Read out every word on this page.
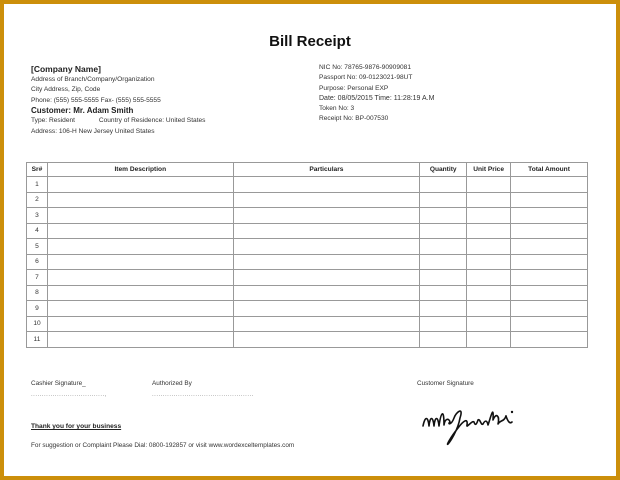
Bill Receipt
[Company Name]
Address of Branch/Company/Organization
City Address, Zip, Code
Phone: (555) 555-5555 Fax- (555) 555-5555
Customer: Mr. Adam Smith
Type: Resident	Country of Residence: United States
Address: 106-H New Jersey United States
NIC No: 78765-9876-90909081
Passport No: 09-0123021-98UT
Purpose: Personal EXP
Date: 08/05/2015 Time: 11:28:19 A.M
Token No: 3
Receipt No: BP-007530
Sr#	Item Description	Particulars	Quantity	Unit Price	Total Amount
1					
2					
3					
4					
5					
6					
7					
8					
9					
10					
11					
Cashier Signature_
..................................,
Authorized By
...............................................
Customer Signature
Thank you for your business
For suggestion or Complaint Please Dial: 0800-192857 or visit www.wordexceltemplates.com
